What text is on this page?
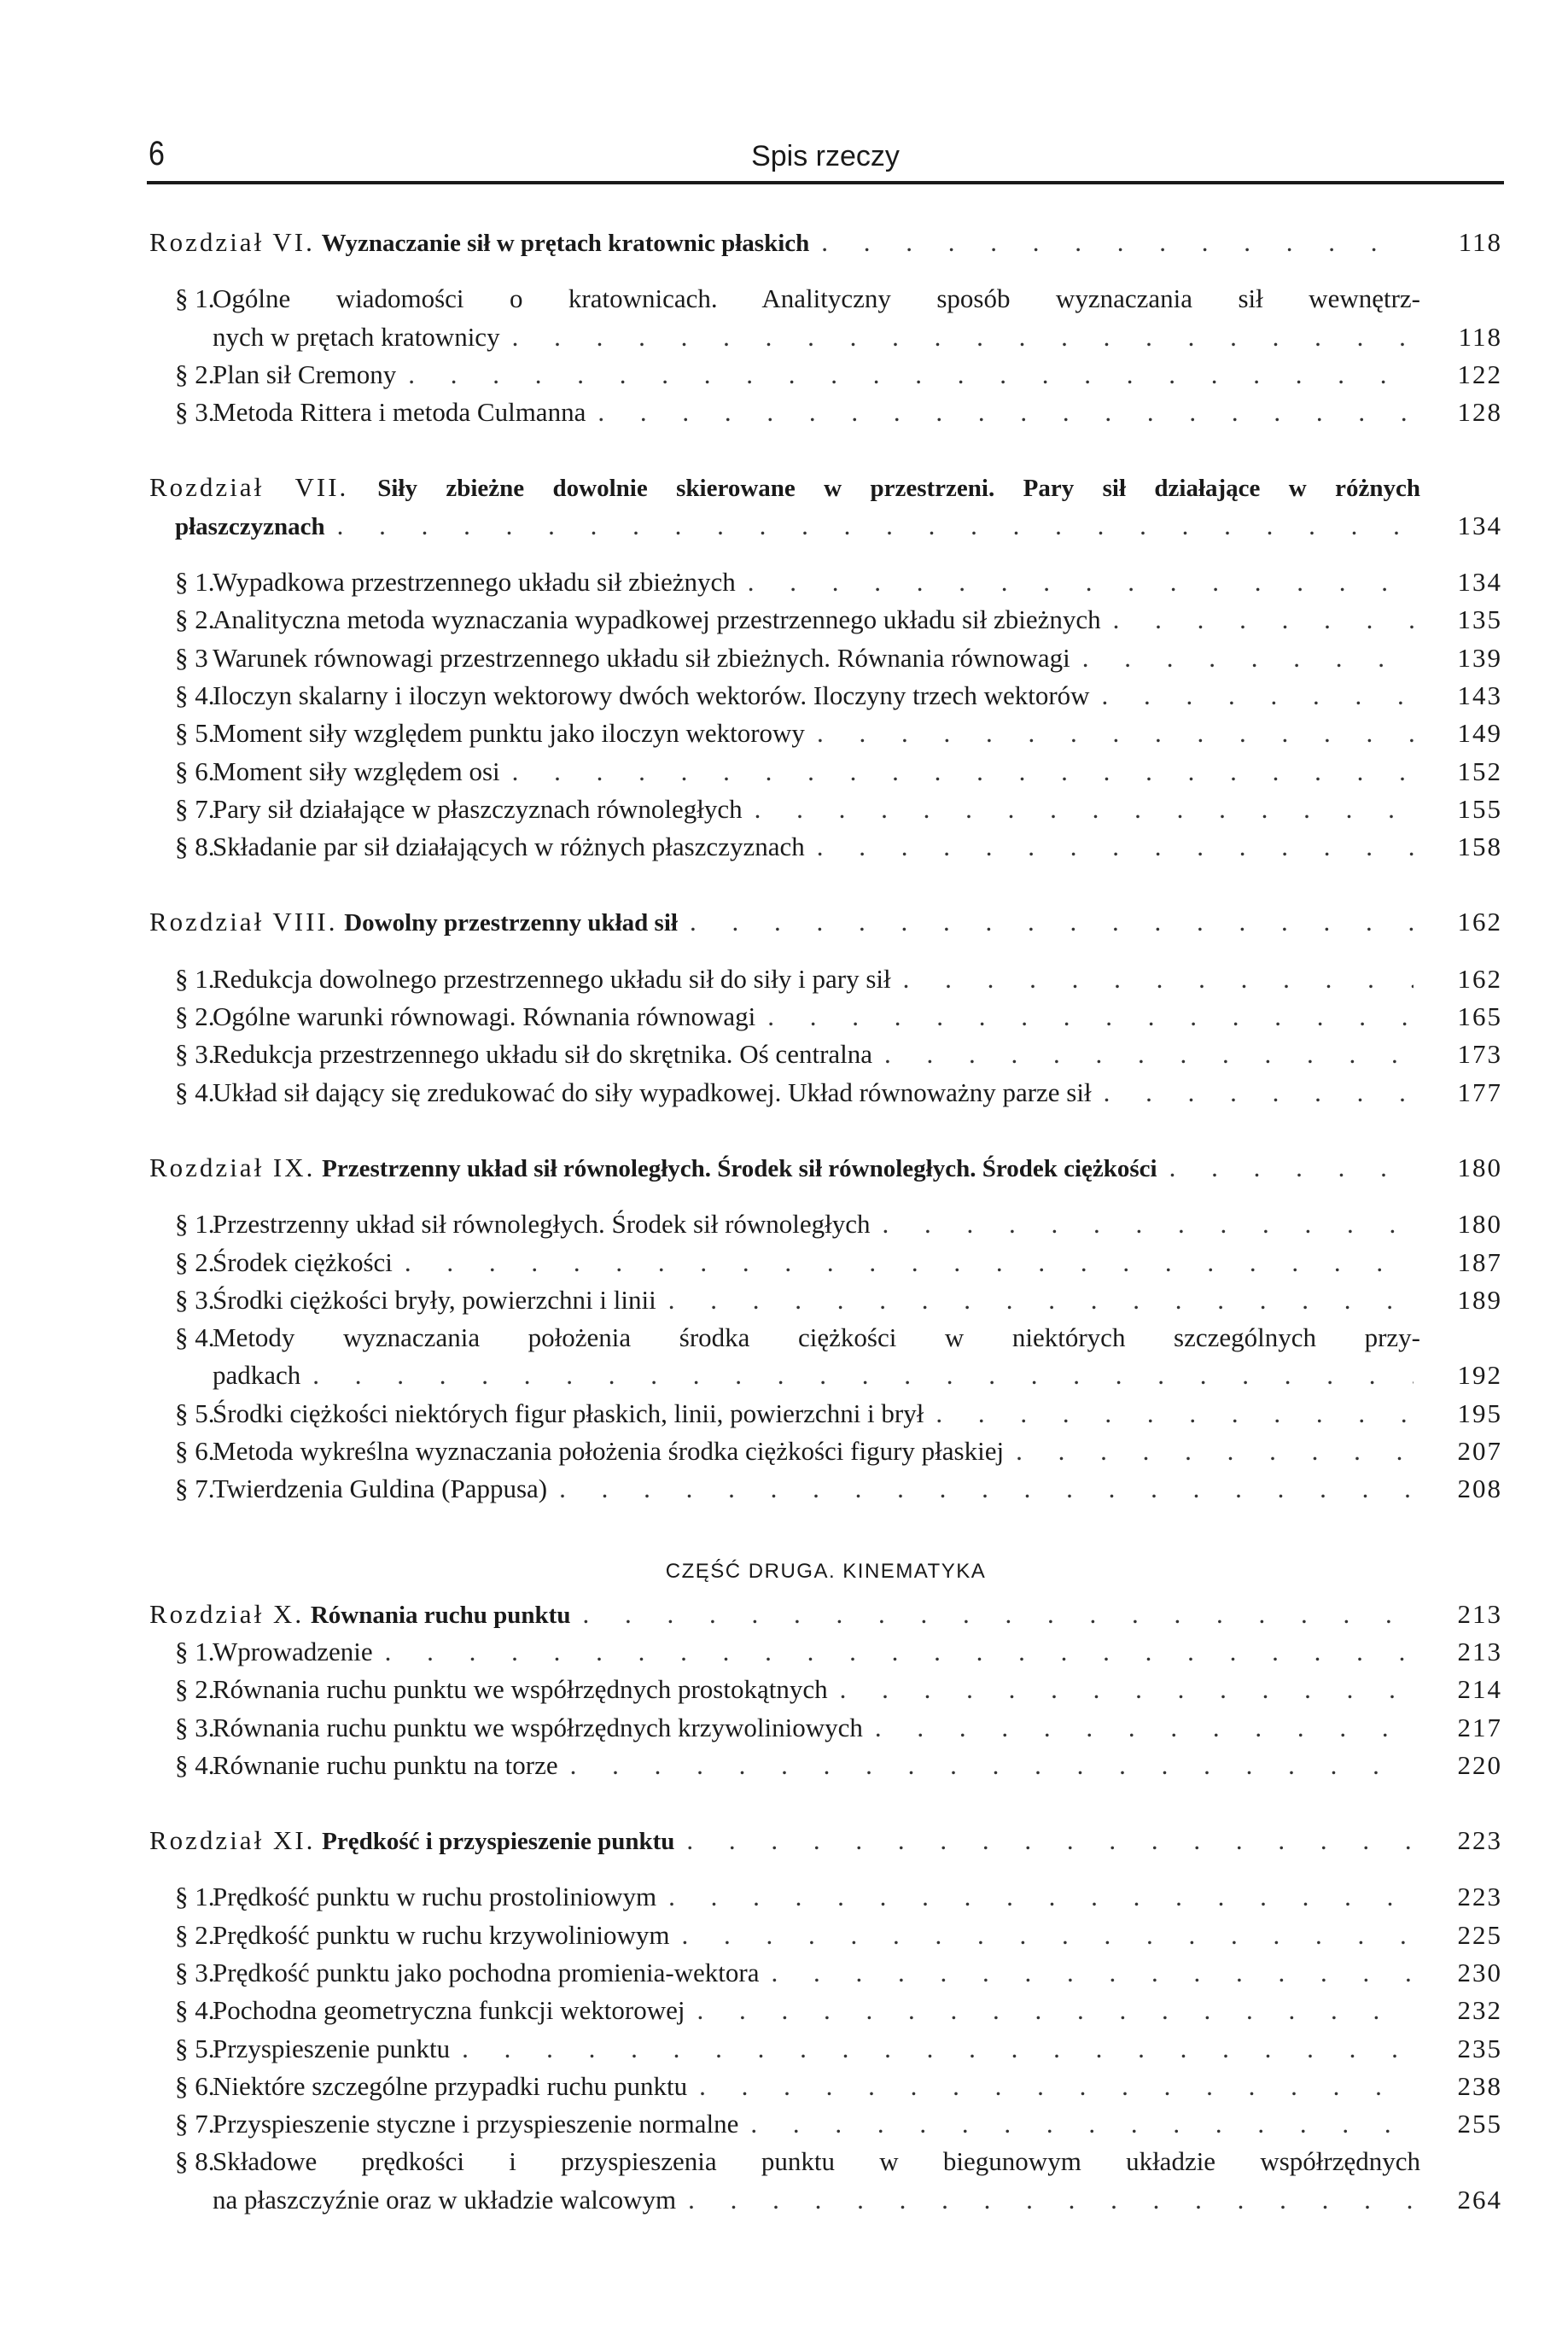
6	Spis rzeczy
Rozdział VI. Wyznaczanie sił w prętach kratownic płaskich . . .	118
§ 1.Ogólne wiadomości o kratownicach. Analityczny sposób wyznaczania sił wewnętrz-
nych w prętach kratownicy . . .	118
§ 2.Plan sił Cremony . . .	122
§ 3.Metoda Rittera i metoda Culmanna . . .	128
Rozdział VII. Siły zbieżne dowolnie skierowane w przestrzeni. Pary sił działające w różnych
płaszczyznach . . .	134
§ 1.Wypadkowa przestrzennego układu sił zbieżnych . . .	134
§ 2.Analityczna metoda wyznaczania wypadkowej przestrzennego układu sił zbieżnych . . .	135
§ 3 Warunek równowagi przestrzennego układu sił zbieżnych. Równania równowagi . . .	139
§ 4.Iloczyn skalarny i iloczyn wektorowy dwóch wektorów. Iloczyny trzech wektorów . . .	143
§ 5.Moment siły względem punktu jako iloczyn wektorowy . . .	149
§ 6.Moment siły względem osi . . .	152
§ 7.Pary sił działające w płaszczyznach równoległych . . .	155
§ 8.Składanie par sił działających w różnych płaszczyznach . . .	158
Rozdział VIII. Dowolny przestrzenny układ sił . . .	162
§ 1.Redukcja dowolnego przestrzennego układu sił do siły i pary sił . . .	162
§ 2.Ogólne warunki równowagi. Równania równowagi . . .	165
§ 3.Redukcja przestrzennego układu sił do skrętnika. Oś centralna . . .	173
§ 4.Układ sił dający się zredukować do siły wypadkowej. Układ równoważny parze sił . . .	177
Rozdział IX. Przestrzenny układ sił równoległych. Środek sił równoległych. Środek ciężkości . . .	180
§ 1.Przestrzenny układ sił równoległych. Środek sił równoległych . . .	180
§ 2.Środek ciężkości . . .	187
§ 3.Środki ciężkości bryły, powierzchni i linii . . .	189
§ 4.Metody wyznaczania położenia środka ciężkości w niektórych szczególnych przy-
padkach . . .	192
§ 5.Środki ciężkości niektórych figur płaskich, linii, powierzchni i brył . . .	195
§ 6.Metoda wykreślna wyznaczania położenia środka ciężkości figury płaskiej . . .	207
§ 7.Twierdzenia Guldina (Pappusa) . . .	208
CZĘŚĆ DRUGA. KINEMATYKA
Rozdział X. Równania ruchu punktu . . .	213
§ 1.Wprowadzenie . . .	213
§ 2.Równania ruchu punktu we współrzędnych prostokątnych . . .	214
§ 3.Równania ruchu punktu we współrzędnych krzywoliniowych . . .	217
§ 4.Równanie ruchu punktu na torze . . .	220
Rozdział XI. Prędkość i przyspieszenie punktu . . .	223
§ 1.Prędkość punktu w ruchu prostoliniowym . . .	223
§ 2.Prędkość punktu w ruchu krzywoliniowym . . .	225
§ 3.Prędkość punktu jako pochodna promienia-wektora . . .	230
§ 4.Pochodna geometryczna funkcji wektorowej . . .	232
§ 5.Przyspieszenie punktu . . .	235
§ 6.Niektóre szczególne przypadki ruchu punktu . . .	238
§ 7.Przyspieszenie styczne i przyspieszenie normalne . . .	255
§ 8.Składowe prędkości i przyspieszenia punktu w biegunowym układzie współrzędnych
na płaszczyźnie oraz w układzie walcowym . . .	264
